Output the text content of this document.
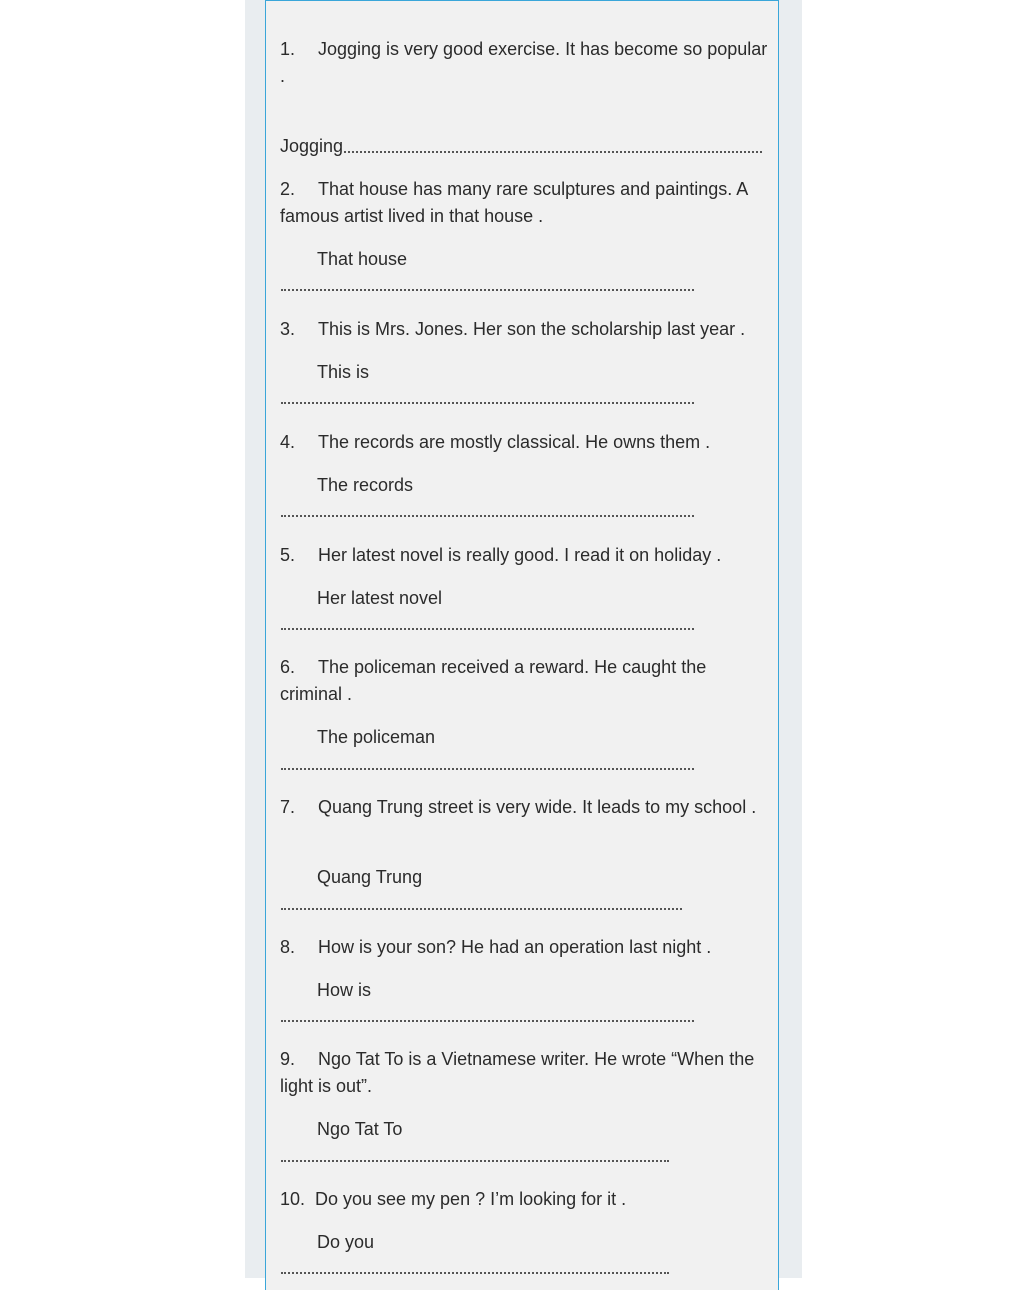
1. Jogging is very good exercise. It has become so popular .
Jogging
2. That house has many rare sculptures and paintings. A famous artist lived in that house .
That house
3. This is Mrs. Jones. Her son the scholarship last year .
This is
4. The records are mostly classical. He owns them .
The records
5. Her latest novel is really good. I read it on holiday .
Her latest novel
6. The policeman received a reward. He caught the criminal .
The policeman
7. Quang Trung street is very wide. It leads to my school .
Quang Trung
8. How is your son? He had an operation last night .
How is
9. Ngo Tat To is a Vietnamese writer. He wrote “When the light is out”.
Ngo Tat To
10. Do you see my pen ? I’m looking for it .
Do you
